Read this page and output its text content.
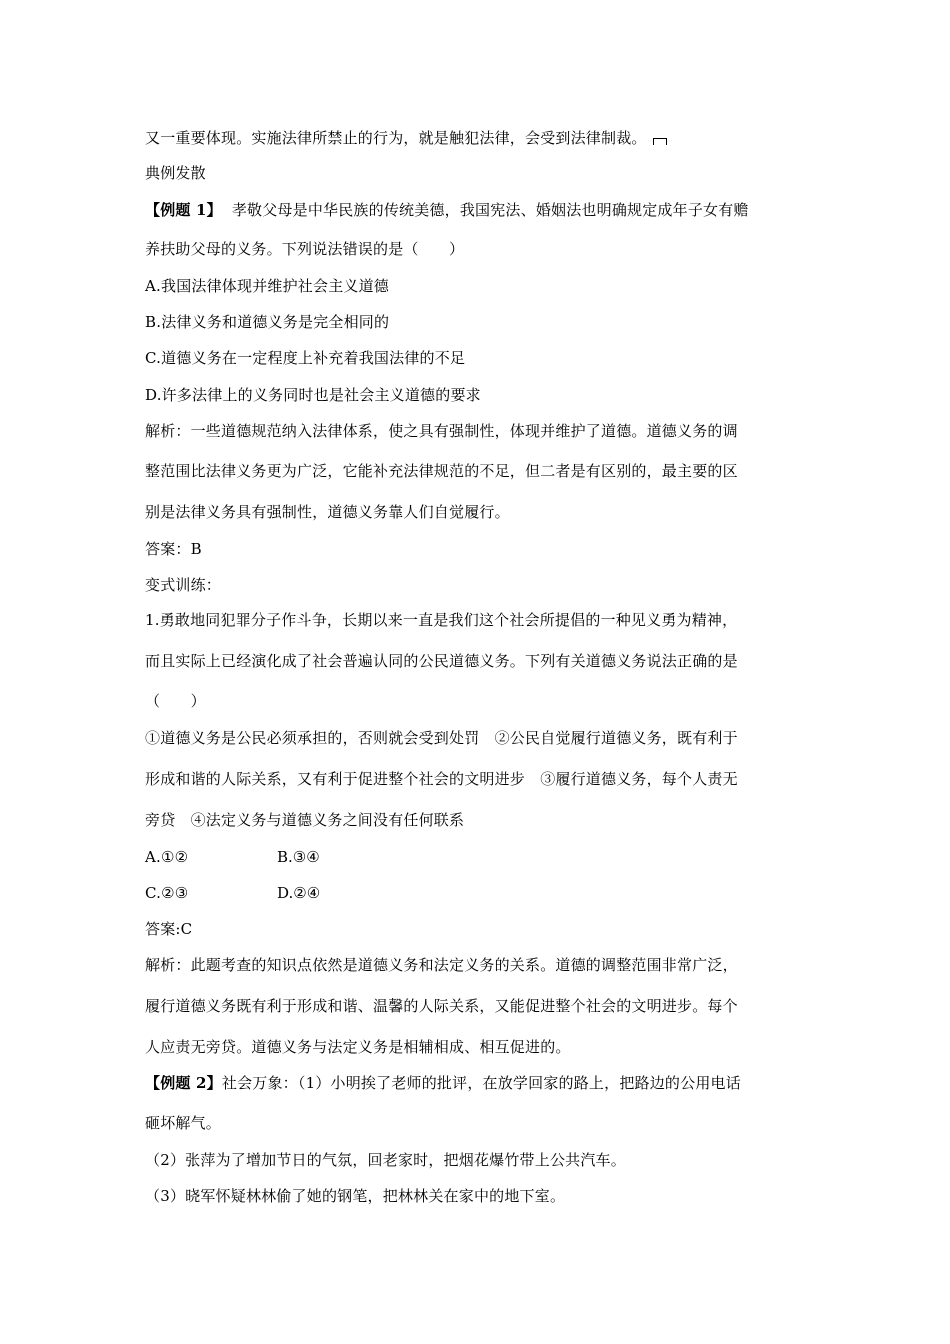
又一重要体现。实施法律所禁止的行为，就是触犯法律，会受到法律制裁。
典例发散
【例题 1】 孝敬父母是中华民族的传统美德，我国宪法、婚姻法也明确规定成年子女有赡
养扶助父母的义务。下列说法错误的是（　　）
A.我国法律体现并维护社会主义道德
B.法律义务和道德义务是完全相同的
C.道德义务在一定程度上补充着我国法律的不足
D.许多法律上的义务同时也是社会主义道德的要求
解析：一些道德规范纳入法律体系，使之具有强制性，体现并维护了道德。道德义务的调
整范围比法律义务更为广泛，它能补充法律规范的不足，但二者是有区别的，最主要的区
别是法律义务具有强制性，道德义务靠人们自觉履行。
答案：B
变式训练：
1.勇敢地同犯罪分子作斗争，长期以来一直是我们这个社会所提倡的一种见义勇为精神，
而且实际上已经演化成了社会普遍认同的公民道德义务。下列有关道德义务说法正确的是
（　　）
①道德义务是公民必须承担的，否则就会受到处罚　②公民自觉履行道德义务，既有利于
形成和谐的人际关系，又有利于促进整个社会的文明进步　③履行道德义务，每个人责无
旁贷　④法定义务与道德义务之间没有任何联系
A.①②	B.③④
C.②③	D.②④
答案:C
解析：此题考查的知识点依然是道德义务和法定义务的关系。道德的调整范围非常广泛，
履行道德义务既有利于形成和谐、温馨的人际关系，又能促进整个社会的文明进步。每个
人应责无旁贷。道德义务与法定义务是相辅相成、相互促进的。
【例题 2】社会万象：（1）小明挨了老师的批评，在放学回家的路上，把路边的公用电话
砸坏解气。
（2）张萍为了增加节日的气氛，回老家时，把烟花爆竹带上公共汽车。
（3）晓军怀疑林林偷了她的钢笔，把林林关在家中的地下室。
